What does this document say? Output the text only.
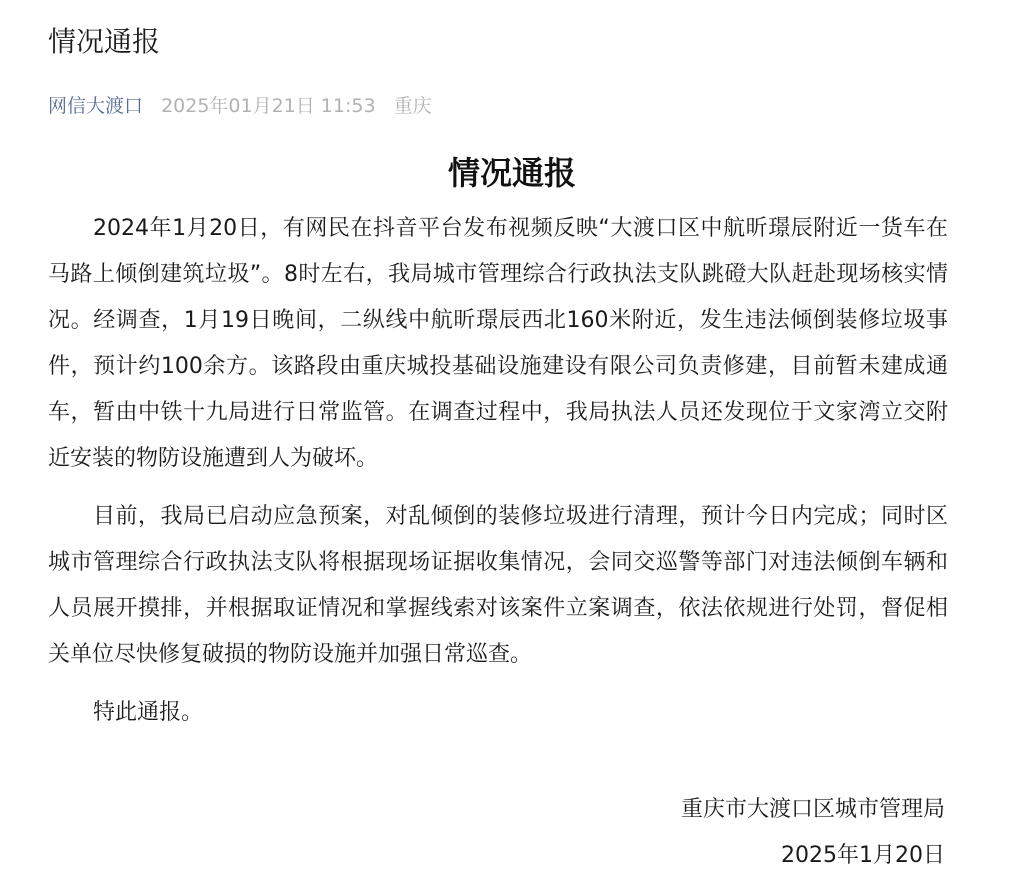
情况通报
网信大渡口 2025年01月21日 11:53 重庆
情况通报

2024年1月20日，有网民在抖音平台发布视频反映“大渡口区中航昕璟辰附近一货车在马路上倾倒建筑垃圾”。8时左右，我局城市管理综合行政执法支队跳磴大队赶赴现场核实情况。经调查，1月19日晚间，二纵线中航昕璟辰西北160米附近，发生违法倾倒装修垃圾事件，预计约100余方。该路段由重庆城投基础设施建设有限公司负责修建，目前暂未建成通车，暂由中铁十九局进行日常监管。在调查过程中，我局执法人员还发现位于文家湾立交附近安装的物防设施遭到人为破坏。

目前，我局已启动应急预案，对乱倾倒的装修垃圾进行清理，预计今日内完成；同时区城市管理综合行政执法支队将根据现场证据收集情况，会同交巡警等部门对违法倾倒车辆和人员展开摸排，并根据取证情况和掌握线索对该案件立案调查，依法依规进行处罚，督促相关单位尽快修复破损的物防设施并加强日常巡查。

特此通报。

重庆市大渡口区城市管理局
2025年1月20日
